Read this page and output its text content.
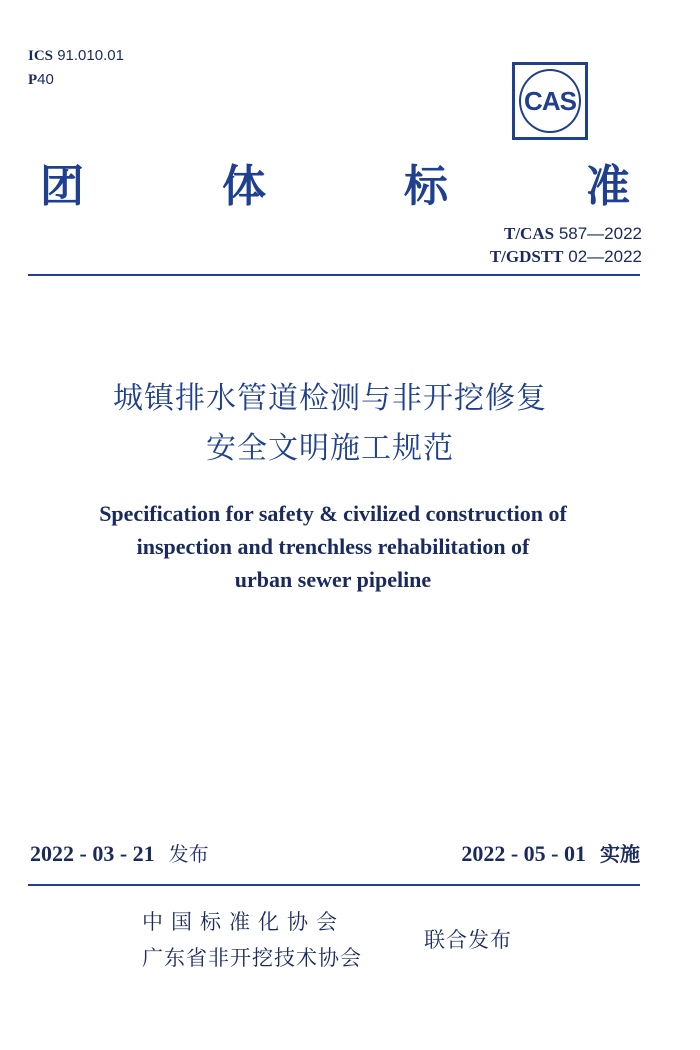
ICS 91.010.01
P40
CAS
团	体	标	准
T/CAS 587—2022
T/GDSTT 02—2022
城镇排水管道检测与非开挖修复
安全文明施工规范
Specification for safety & civilized construction of
inspection and trenchless rehabilitation of
urban sewer pipeline
2022 - 03 - 21 发布	2022 - 05 - 01 实施
中国标准化协会
广东省非开挖技术协会
联合发布
